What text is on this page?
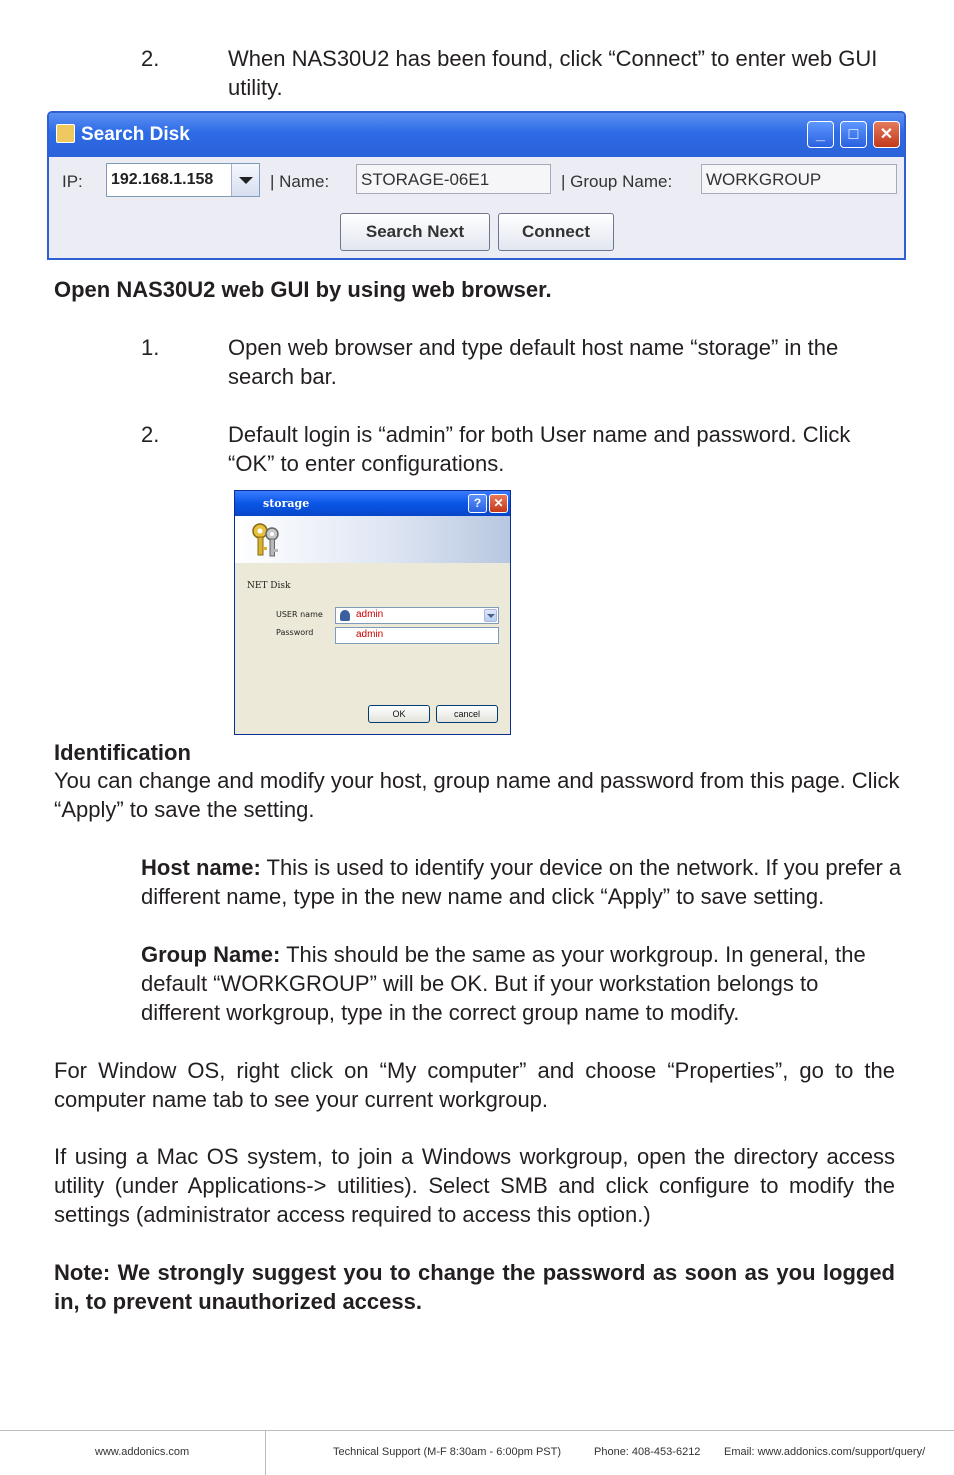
2.	When NAS30U2 has been found, click “Connect” to enter web GUI utility.

Search Disk	_	□	✕
IP:	192.168.1.158	| Name: STORAGE-06E1	| Group Name: WORKGROUP
Search Next	Connect

Open NAS30U2 web GUI by using web browser.

1.	Open web browser and type default host name “storage” in the search bar.

2.	Default login is “admin” for both User name and password. Click “OK” to enter configurations.

storage	?	✕
NET Disk
USER name	admin
Password	admin
OK	cancel

Identification

You can change and modify your host, group name and password from this page. Click “Apply” to save the setting.

Host name: This is used to identify your device on the network. If you prefer a different name, type in the new name and click “Apply” to save setting.

Group Name: This should be the same as your workgroup. In general, the default “WORKGROUP” will be OK. But if your workstation belongs to different workgroup, type in the correct group name to modify.

For Window OS, right click on “My computer” and choose “Properties”, go to the computer name tab to see your current workgroup.

If using a Mac OS system, to join a Windows workgroup, open the directory access utility (under Applications-> utilities). Select SMB and click configure to modify the settings (administrator access required to access this option.)

Note: We strongly suggest you to change the password as soon as you logged in, to prevent unauthorized access.

www.addonics.com	Technical Support (M-F 8:30am - 6:00pm PST)	Phone: 408-453-6212 Email: www.addonics.com/support/query/
